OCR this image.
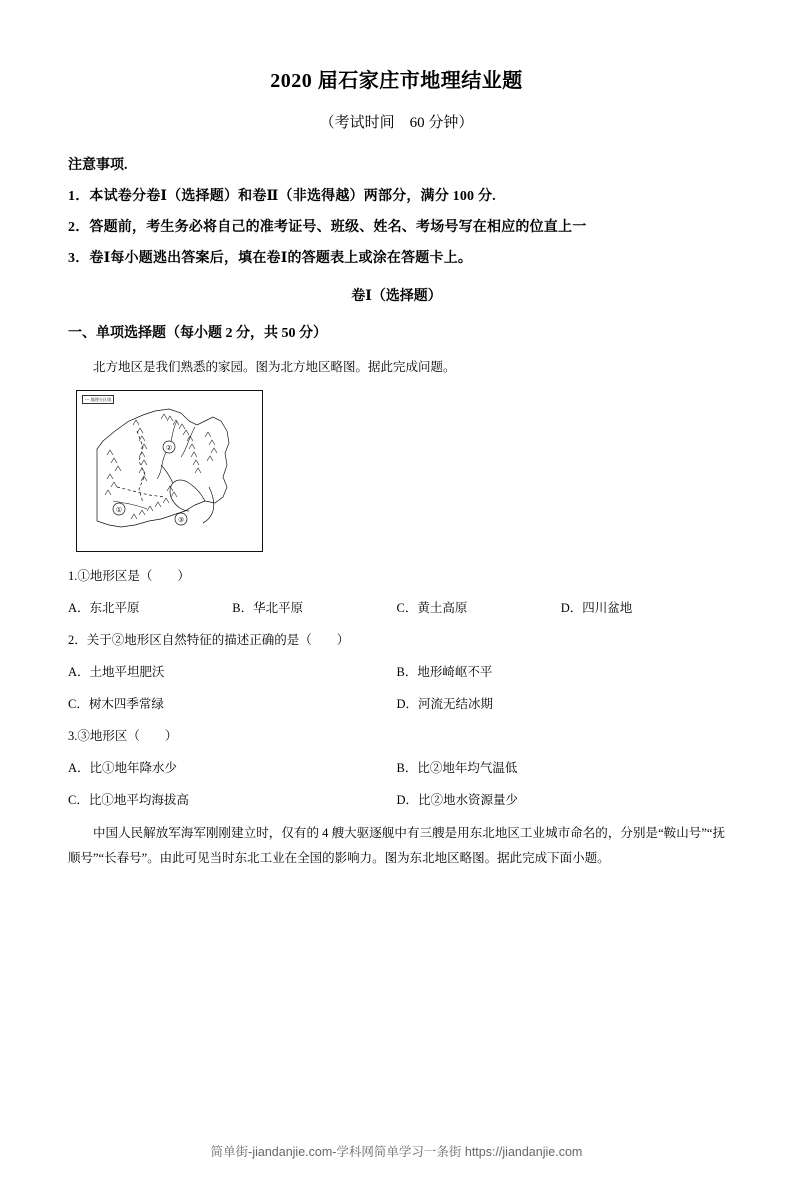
2020 届石家庄市地理结业题
（考试时间　60 分钟）
注意事项.
1．本试卷分卷Ⅰ（选择题）和卷Ⅱ（非选得越）两部分，满分 100 分.
2．答题前，考生务必将自己的准考证号、班级、姓名、考场号写在相应的位直上一
3．卷Ⅰ每小题逃出答案后，填在卷Ⅰ的答题表上或涂在答题卡上。
卷Ⅰ（选择题）
一、单项选择题（每小题 2 分，共 50 分）
北方地区是我们熟悉的家园。图为北方地区略图。据此完成问题。
②
①
③
--- 地理分区线
1.①地形区是（　　）
A．东北平原	B．华北平原	C．黄土高原	D．四川盆地
2．关于②地形区自然特征的描述正确的是（　　）
A．土地平坦肥沃	B．地形崎岖不平
C．树木四季常绿	D．河流无结冰期
3.③地形区（　　）
A．比①地年降水少	B．比②地年均气温低
C．比①地平均海拔高	D．比②地水资源量少
中国人民解放军海军刚刚建立时，仅有的 4 艘大驱逐舰中有三艘是用东北地区工业城市命名的，分别是“鞍山号”“抚顺号”“长春号”。由此可见当时东北工业在全国的影响力。图为东北地区略图。据此完成下面小题。
简单街-jiandanjie.com-学科网简单学习一条街 https://jiandanjie.com
